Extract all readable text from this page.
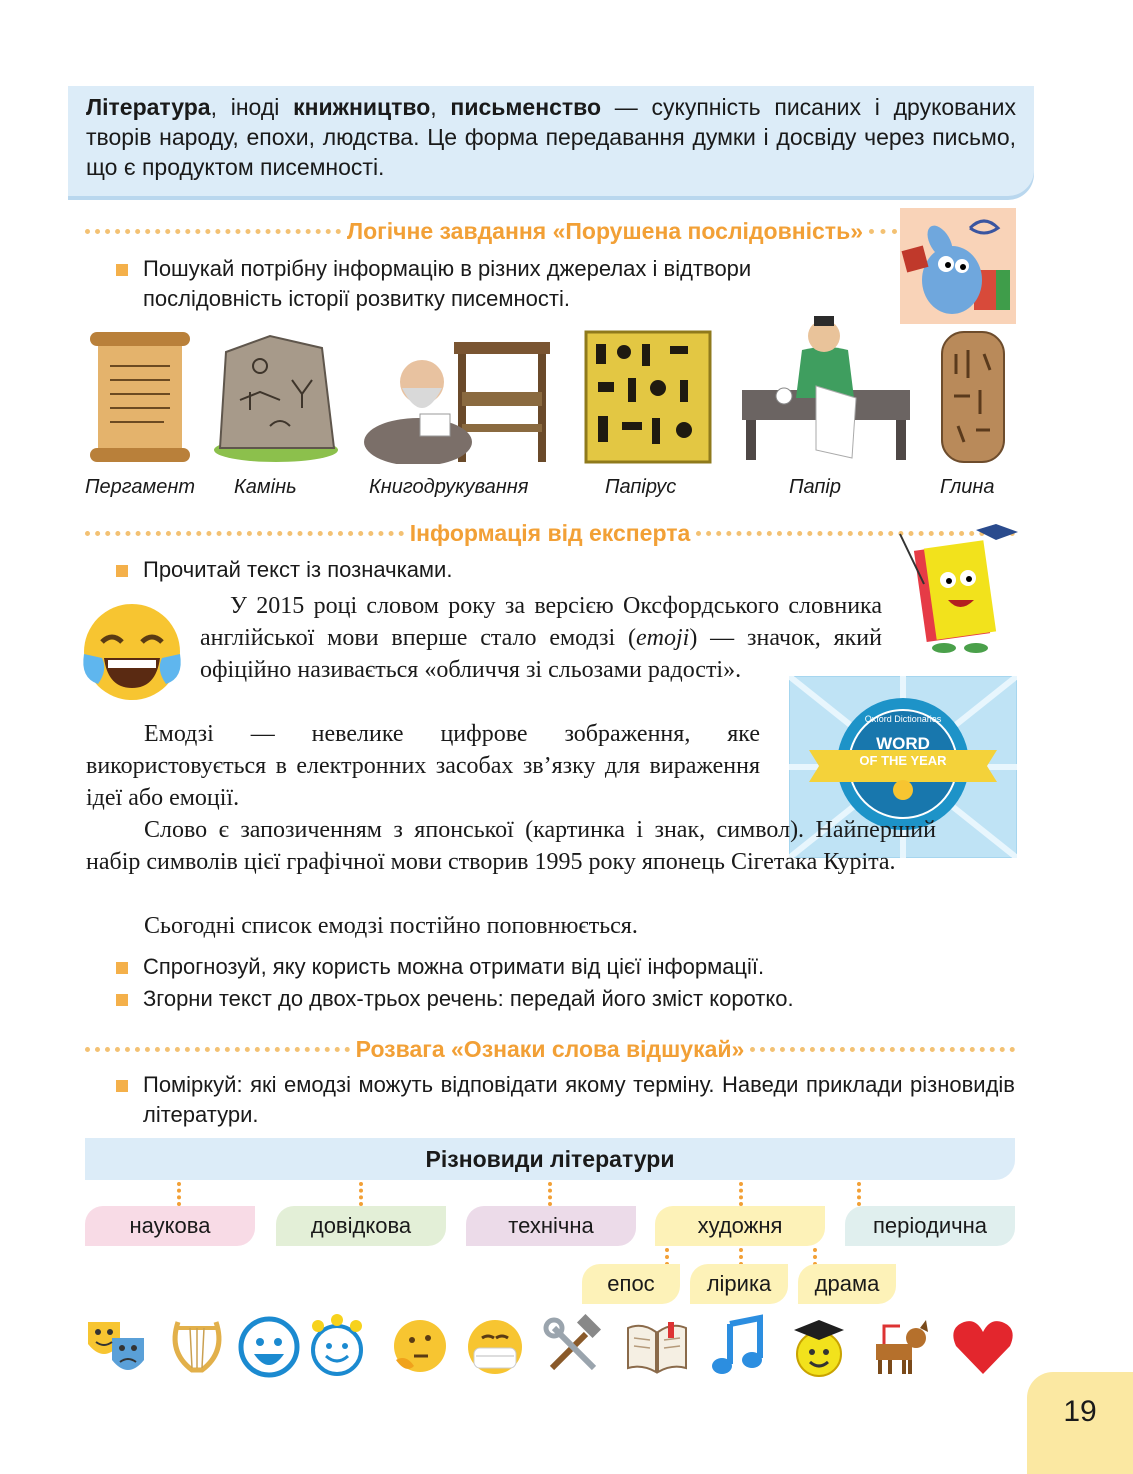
Література, іноді книжництво, письменство — сукупність писаних і друкованих творів народу, епохи, людства. Це форма передавання думки і досвіду через письмо, що є продуктом писемності.
Логічне завдання «Порушена послідовність»
Пошукай потрібну інформацію в різних джерелах і відтвори послідовність історії розвитку писемності.
Пергамент Камінь	Книгодрукування	Папірус	Папір	Глина
Інформація від експерта
Прочитай текст із позначками.
Oxford Dictionaries
WORD
OF THE YEAR
У 2015 році словом року за версією Оксфордського словника англійської мови вперше стало емодзі (emoji) — значок, який офіційно називається «обличчя зі сльозами радості».
Емодзі — невелике цифрове зображення, яке використовується в електронних засобах зв’язку для вираження ідеї або емоції.
Слово є запозиченням з японської (картинка і знак, символ). Найперший набір символів цієї графічної мови створив 1995 року японець Сігетака Куріта.
Сьогодні список емодзі постійно поповнюється.
Спрогнозуй, яку користь можна отримати від цієї інформації.
Згорни текст до двох-трьох речень: передай його зміст коротко.
Розвага «Ознаки слова відшукай»
Поміркуй: які емодзі можуть відповідати якому терміну. Наведи приклади різновидів літератури.
Різновиди літератури
наукова	довідкова	технічна	художня	періодична
епос	лірика	драма
19
